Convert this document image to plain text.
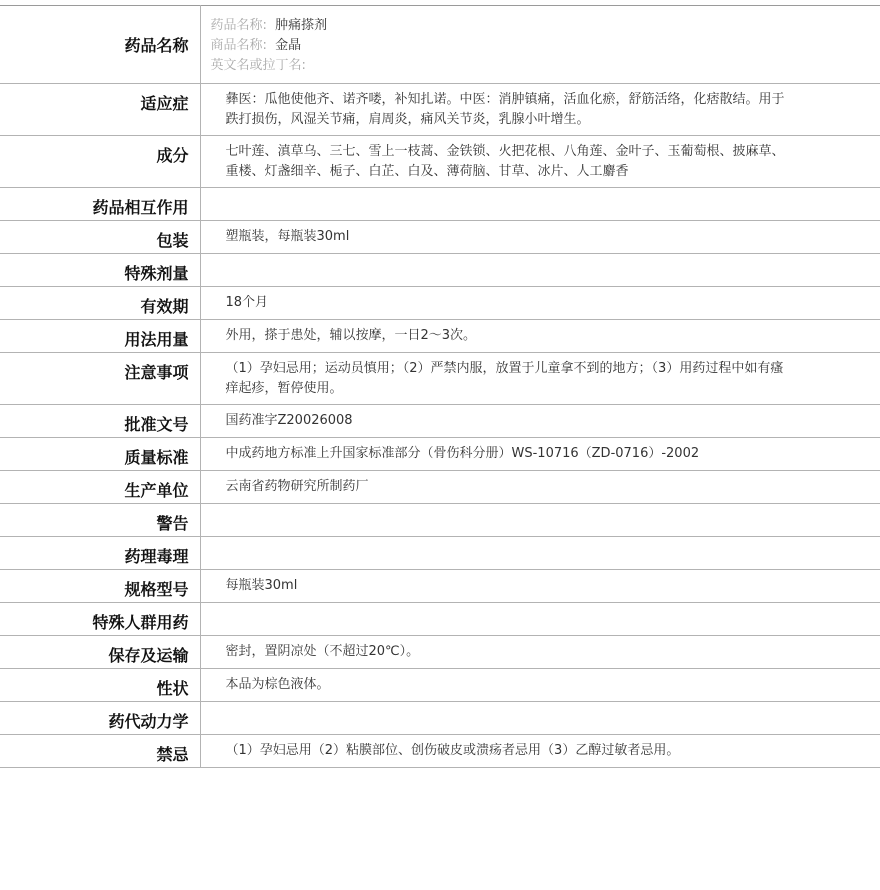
药品名称	药品名称: 肿痛搽剂
商品名称: 金晶
英文名或拉丁名:

适应症	彝医：瓜他使他齐、诺齐喽，补知扎诺。中医：消肿镇痛，活血化瘀，舒筋活络，化痞散结。用于跌打损伤，风湿关节痛，肩周炎，痛风关节炎，乳腺小叶增生。
成分	七叶莲、滇草乌、三七、雪上一枝蒿、金铁锁、火把花根、八角莲、金叶子、玉葡萄根、披麻草、重楼、灯盏细辛、栀子、白芷、白及、薄荷脑、甘草、冰片、人工麝香
药品相互作用	
包装	塑瓶装，每瓶装30ml
特殊剂量	
有效期	18个月
用法用量	外用，搽于患处，辅以按摩，一日2～3次。
注意事项	（1）孕妇忌用；运动员慎用；（2）严禁内服，放置于儿童拿不到的地方；（3）用药过程中如有瘙痒起疹，暂停使用。
批准文号	国药准字Z20026008
质量标准	中成药地方标准上升国家标准部分（骨伤科分册）WS-10716（ZD-0716）-2002
生产单位	云南省药物研究所制药厂
警告	
药理毒理	
规格型号	每瓶装30ml
特殊人群用药	
保存及运输	密封，置阴凉处（不超过20℃）。
性状	本品为棕色液体。
药代动力学	
禁忌	（1）孕妇忌用（2）粘膜部位、创伤破皮或溃疡者忌用（3）乙醇过敏者忌用。
